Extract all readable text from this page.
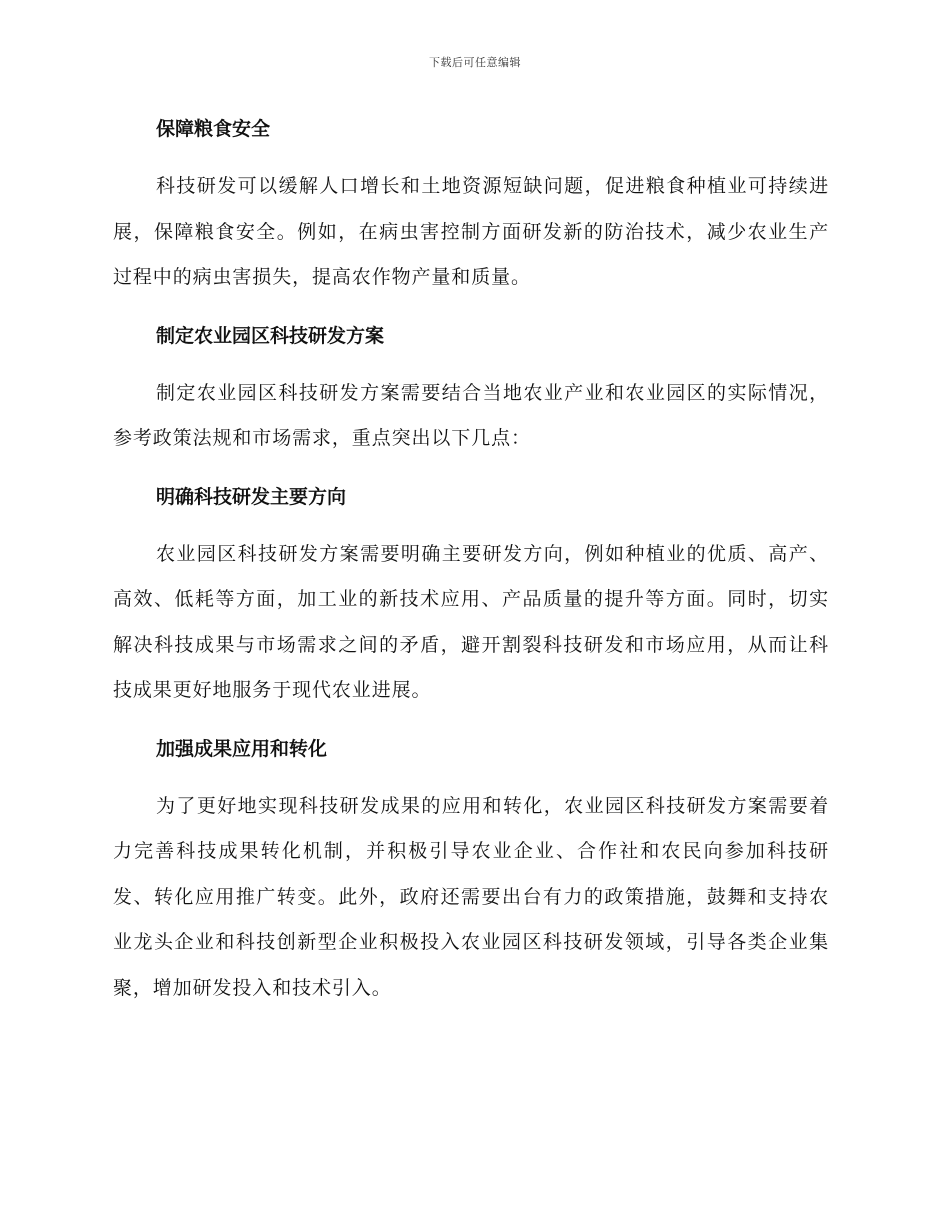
下载后可任意编辑
保障粮食安全

科技研发可以缓解人口增长和土地资源短缺问题，促进粮食种植业可持续进展，保障粮食安全。例如，在病虫害控制方面研发新的防治技术，减少农业生产过程中的病虫害损失，提高农作物产量和质量。

制定农业园区科技研发方案

制定农业园区科技研发方案需要结合当地农业产业和农业园区的实际情况，参考政策法规和市场需求，重点突出以下几点：

明确科技研发主要方向

农业园区科技研发方案需要明确主要研发方向，例如种植业的优质、高产、高效、低耗等方面，加工业的新技术应用、产品质量的提升等方面。同时，切实解决科技成果与市场需求之间的矛盾，避开割裂科技研发和市场应用，从而让科技成果更好地服务于现代农业进展。

加强成果应用和转化

为了更好地实现科技研发成果的应用和转化，农业园区科技研发方案需要着力完善科技成果转化机制，并积极引导农业企业、合作社和农民向参加科技研发、转化应用推广转变。此外，政府还需要出台有力的政策措施，鼓舞和支持农业龙头企业和科技创新型企业积极投入农业园区科技研发领域，引导各类企业集聚，增加研发投入和技术引入。
